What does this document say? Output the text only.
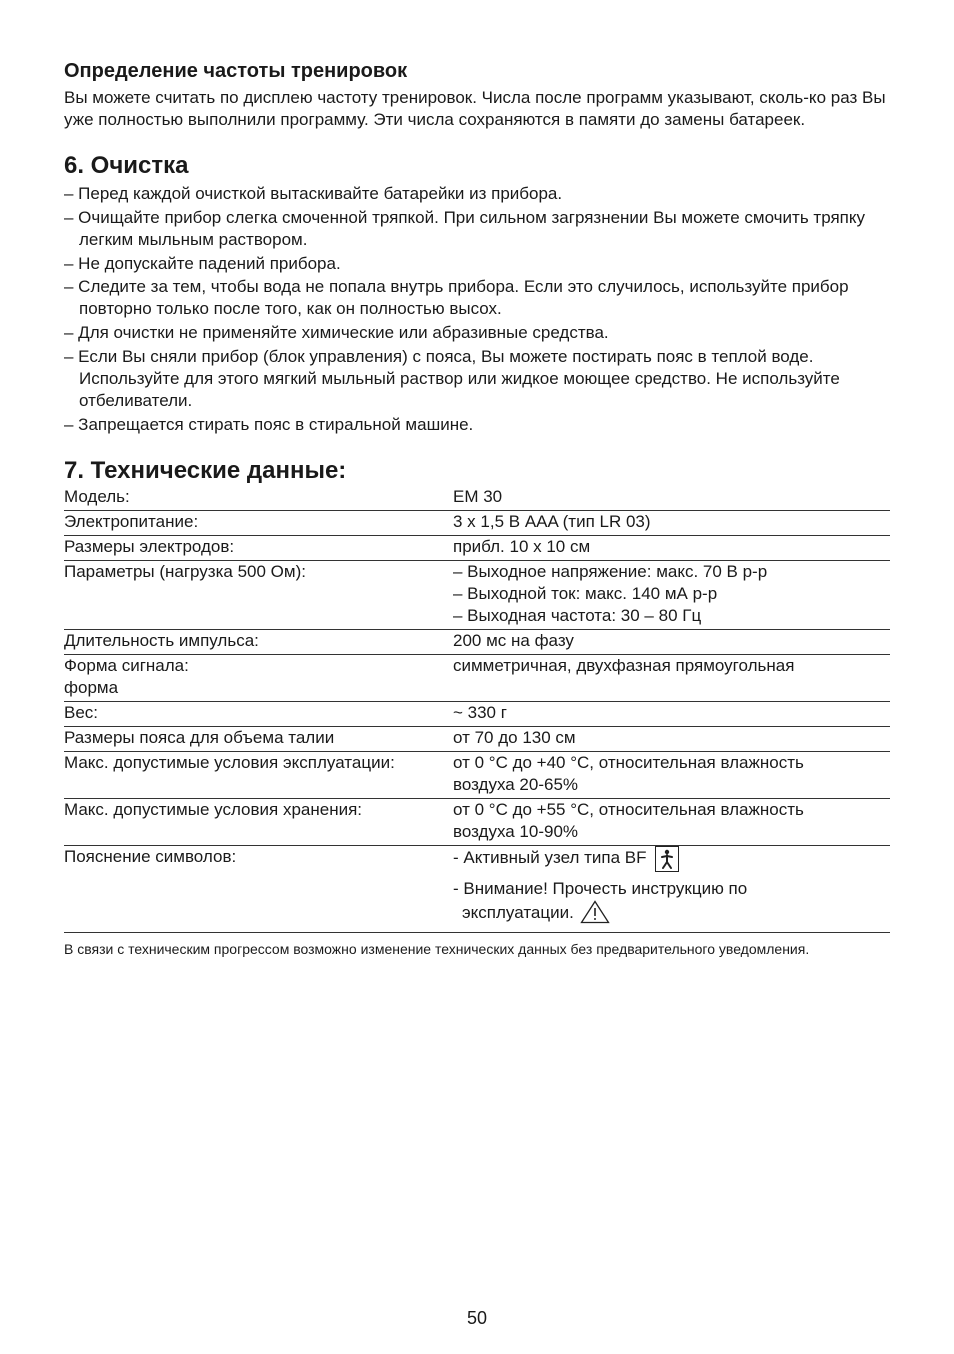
Определение частоты тренировок

Вы можете считать по дисплею частоту тренировок. Числа после программ указывают, сколь-ко раз Вы уже полностью выполнили программу. Эти числа сохраняются в памяти до замены батареек.

6. Очистка
– Перед каждой очисткой вытаскивайте батарейки из прибора.
– Очищайте прибор слегка смоченной тряпкой. При сильном загрязнении Вы можете смочить тряпку легким мыльным раствором.
– Не допускайте падений прибора.
– Следите за тем, чтобы вода не попала внутрь прибора. Если это случилось, используйте прибор повторно только после того, как он полностью высох.
– Для очистки не применяйте химические или абразивные средства.
– Если Вы сняли прибор (блок управления) с пояса, Вы можете постирать пояс в теплой воде. Используйте для этого мягкий мыльный раствор или жидкое моющее средство. Не используйте отбеливатели.
– Запрещается стирать пояс в стиральной машине.
7. Технические данные:
Модель:	EM 30
Электропитание:	3 x 1,5 В AAA (тип LR 03)
Размеры электродов:	прибл. 10 x 10 см
Параметры (нагрузка 500 Ом):	– Выходное напряжение: макс. 70 В p-p
– Выходной ток: макс. 140 мА p-p
– Выходная частота: 30 – 80 Гц

Длительность импульса:	200 мс на фазу

Форма сигнала:
форма	симметричная, двухфазная прямоугольная
Вес:	~ 330 г
Размеры пояса для объема талии	от 70 до 130 см
Макс. допустимые условия эксплуатации:	от 0 °C до +40 °C, относительная влажность
воздуха 20-65%

Макс. допустимые условия хранения:	от 0 °C до +55 °C, относительная влажность
воздуха 10-90%

Пояснение символов:	- Активный узел типа BF
- Внимание! Прочесть инструкцию по
эксплуатации.

В связи с техническим прогрессом возможно изменение технических данных без предварительного уведомления.

50
